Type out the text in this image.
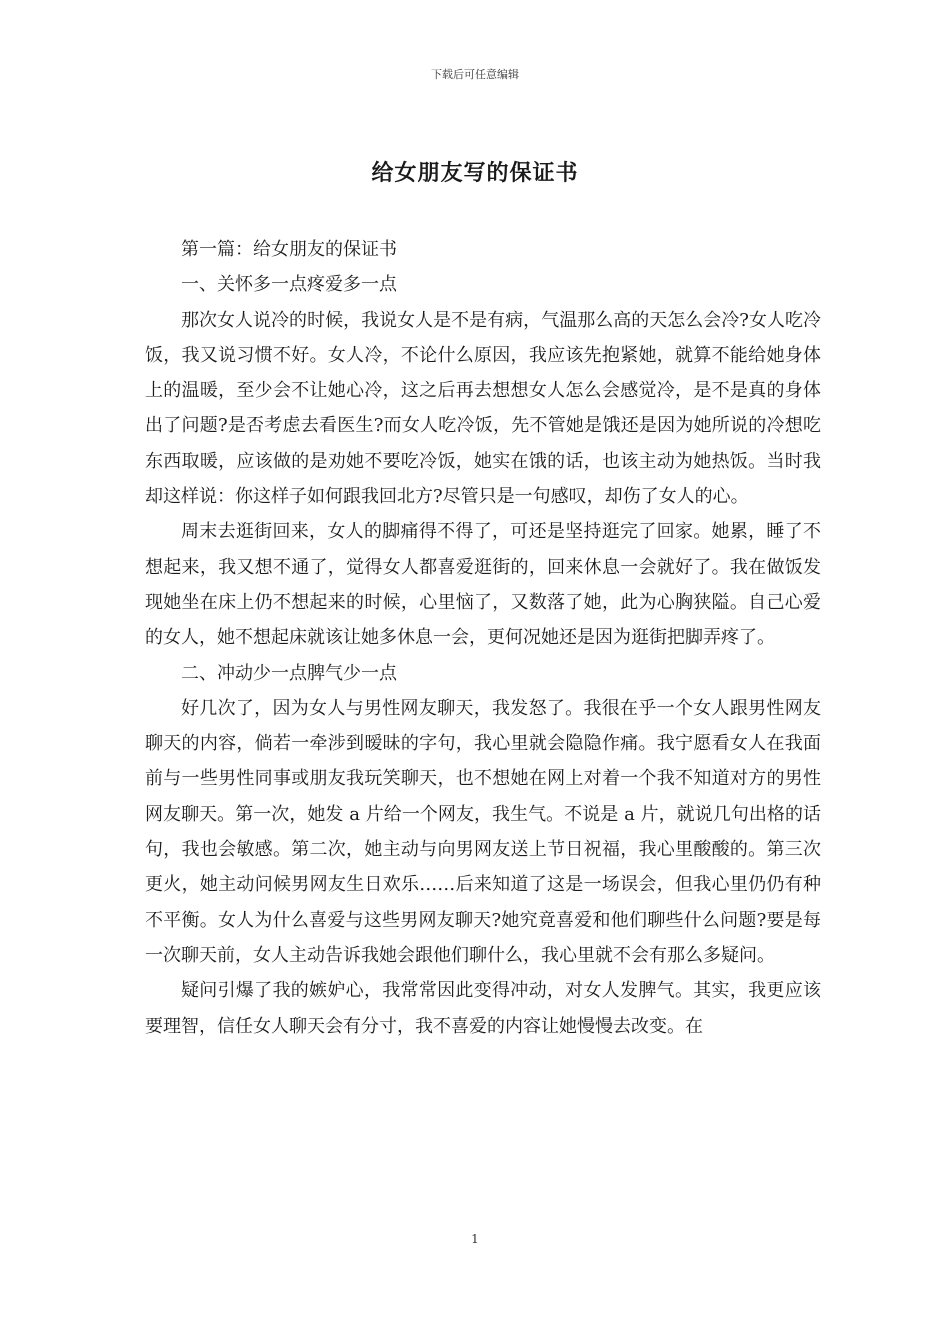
下载后可任意编辑
给女朋友写的保证书

第一篇：给女朋友的保证书

一、关怀多一点疼爱多一点

那次女人说冷的时候，我说女人是不是有病，气温那么高的天怎么会冷?女人吃冷饭，我又说习惯不好。女人冷，不论什么原因，我应该先抱紧她，就算不能给她身体上的温暖，至少会不让她心冷，这之后再去想想女人怎么会感觉冷，是不是真的身体出了问题?是否考虑去看医生?而女人吃冷饭，先不管她是饿还是因为她所说的冷想吃东西取暖，应该做的是劝她不要吃冷饭，她实在饿的话，也该主动为她热饭。当时我却这样说：你这样子如何跟我回北方?尽管只是一句感叹，却伤了女人的心。

周末去逛街回来，女人的脚痛得不得了，可还是坚持逛完了回家。她累，睡了不想起来，我又想不通了，觉得女人都喜爱逛街的，回来休息一会就好了。我在做饭发现她坐在床上仍不想起来的时候，心里恼了，又数落了她，此为心胸狭隘。自己心爱的女人，她不想起床就该让她多休息一会，更何况她还是因为逛街把脚弄疼了。

二、冲动少一点脾气少一点

好几次了，因为女人与男性网友聊天，我发怒了。我很在乎一个女人跟男性网友聊天的内容，倘若一牵涉到暧昧的字句，我心里就会隐隐作痛。我宁愿看女人在我面前与一些男性同事或朋友我玩笑聊天，也不想她在网上对着一个我不知道对方的男性网友聊天。第一次，她发 a 片给一个网友，我生气。不说是 a 片，就说几句出格的话句，我也会敏感。第二次，她主动与向男网友送上节日祝福，我心里酸酸的。第三次更火，她主动问候男网友生日欢乐……后来知道了这是一场误会，但我心里仍仍有种不平衡。女人为什么喜爱与这些男网友聊天?她究竟喜爱和他们聊些什么问题?要是每一次聊天前，女人主动告诉我她会跟他们聊什么，我心里就不会有那么多疑问。

疑问引爆了我的嫉妒心，我常常因此变得冲动，对女人发脾气。其实，我更应该要理智，信任女人聊天会有分寸，我不喜爱的内容让她慢慢去改变。在

1
